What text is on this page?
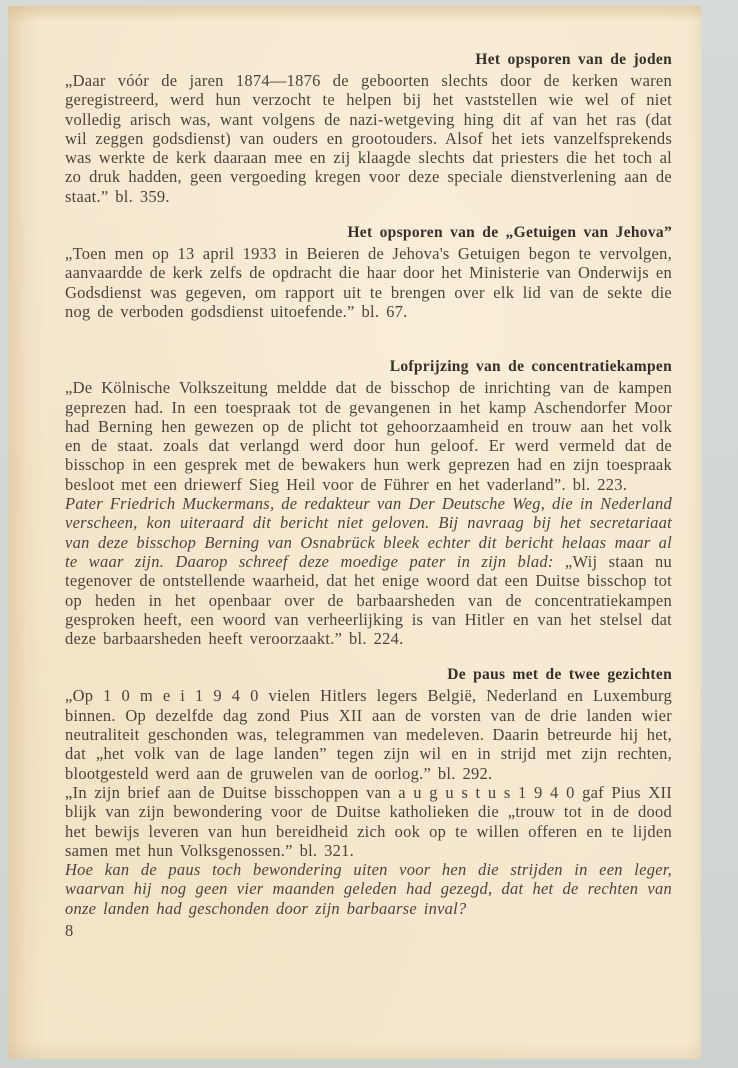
Het opsporen van de joden

„Daar vóór de jaren 1874—1876 de geboorten slechts door de kerken waren geregistreerd, werd hun verzocht te helpen bij het vaststellen wie wel of niet volledig arisch was, want volgens de nazi-wetgeving hing dit af van het ras (dat wil zeggen godsdienst) van ouders en grootouders. Alsof het iets vanzelfsprekends was werkte de kerk daaraan mee en zij klaagde slechts dat priesters die het toch al zo druk hadden, geen vergoeding kregen voor deze speciale dienstverlening aan de staat.” bl. 359.

Het opsporen van de „Getuigen van Jehova”

„Toen men op 13 april 1933 in Beieren de Jehova's Getuigen begon te vervolgen, aanvaardde de kerk zelfs de opdracht die haar door het Ministerie van Onderwijs en Godsdienst was gegeven, om rapport uit te brengen over elk lid van de sekte die nog de verboden godsdienst uitoefende.” bl. 67.

Lofprijzing van de concentratiekampen

„De Kölnische Volkszeitung meldde dat de bisschop de inrichting van de kampen geprezen had. In een toespraak tot de gevangenen in het kamp Aschendorfer Moor had Berning hen gewezen op de plicht tot gehoorzaamheid en trouw aan het volk en de staat. zoals dat verlangd werd door hun geloof. Er werd vermeld dat de bisschop in een gesprek met de bewakers hun werk geprezen had en zijn toespraak besloot met een driewerf Sieg Heil voor de Führer en het vaderland”. bl. 223.

Pater Friedrich Muckermans, de redakteur van Der Deutsche Weg, die in Nederland verscheen, kon uiteraard dit bericht niet geloven. Bij navraag bij het secretariaat van deze bisschop Berning van Osnabrück bleek echter dit bericht helaas maar al te waar zijn. Daarop schreef deze moedige pater in zijn blad: „Wij staan nu tegenover de ontstellende waarheid, dat het enige woord dat een Duitse bisschop tot op heden in het openbaar over de barbaarsheden van de concentratiekampen gesproken heeft, een woord van verheerlijking is van Hitler en van het stelsel dat deze barbaarsheden heeft veroorzaakt.” bl. 224.

De paus met de twee gezichten

„Op 1 0 m e i 1 9 4 0 vielen Hitlers legers België, Nederland en Luxemburg binnen. Op dezelfde dag zond Pius XII aan de vorsten van de drie landen wier neutraliteit geschonden was, telegrammen van medeleven. Daarin betreurde hij het, dat „het volk van de lage landen” tegen zijn wil en in strijd met zijn rechten, blootgesteld werd aan de gruwelen van de oorlog.” bl. 292.

„In zijn brief aan de Duitse bisschoppen van a u g u s t u s 1 9 4 0 gaf Pius XII blijk van zijn bewondering voor de Duitse katholieken die „trouw tot in de dood het bewijs leveren van hun bereidheid zich ook op te willen offeren en te lijden samen met hun Volksgenossen.” bl. 321.

Hoe kan de paus toch bewondering uiten voor hen die strijden in een leger, waarvan hij nog geen vier maanden geleden had gezegd, dat het de rechten van onze landen had geschonden door zijn barbaarse inval?

8
